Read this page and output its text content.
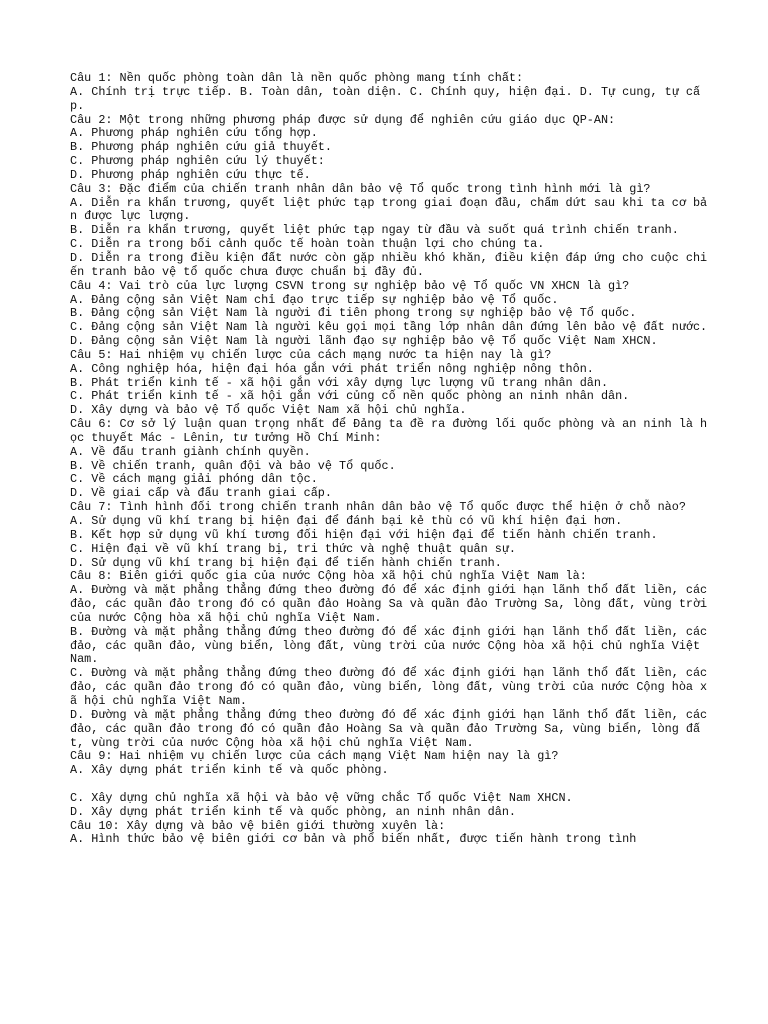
Câu 1: Nền quốc phòng toàn dân là nền quốc phòng mang tính chất:
A. Chính trị trực tiếp. B. Toàn dân, toàn diện. C. Chính quy, hiện đại. D. Tự cung, tự cấp.
Câu 2: Một trong những phương pháp được sử dụng để nghiên cứu giáo dục QP-AN:
A. Phương pháp nghiên cứu tổng hợp.
B. Phương pháp nghiên cứu giả thuyết.
C. Phương pháp nghiên cứu lý thuyết:
D. Phương pháp nghiên cứu thực tế.
Câu 3: Đặc điểm của chiến tranh nhân dân bảo vệ Tổ quốc trong tình hình mới là gì?
A. Diễn ra khẩn trương, quyết liệt phức tạp trong giai đoạn đầu, chấm dứt sau khi ta cơ bản được lực lượng.
B. Diễn ra khẩn trương, quyết liệt phức tạp ngay từ đầu và suốt quá trình chiến tranh.
C. Diễn ra trong bối cảnh quốc tế hoàn toàn thuận lợi cho chúng ta.
D. Diễn ra trong điều kiện đất nước còn gặp nhiều khó khăn, điều kiện đáp ứng cho cuộc chiến tranh bảo vệ tổ quốc chưa được chuẩn bị đầy đủ.
Câu 4: Vai trò của lực lượng CSVN trong sự nghiệp bảo vệ Tổ quốc VN XHCN là gì?
A. Đảng cộng sản Việt Nam chỉ đạo trực tiếp sự nghiệp bảo vệ Tổ quốc.
B. Đảng cộng sản Việt Nam là người đi tiên phong trong sự nghiệp bảo vệ Tổ quốc.
C. Đảng cộng sản Việt Nam là người kêu gọi mọi tầng lớp nhân dân đứng lên bảo vệ đất nước.
D. Đảng cộng sản Việt Nam là người lãnh đạo sự nghiệp bảo vệ Tổ quốc Việt Nam XHCN.
Câu 5: Hai nhiệm vụ chiến lược của cách mạng nước ta hiện nay là gì?
A. Công nghiệp hóa, hiện đại hóa gắn với phát triển nông nghiệp nông thôn.
B. Phát triển kinh tế - xã hội gắn với xây dựng lực lượng vũ trang nhân dân.
C. Phát triển kinh tế - xã hội gắn với củng cố nền quốc phòng an ninh nhân dân.
D. Xây dựng và bảo vệ Tổ quốc Việt Nam xã hội chủ nghĩa.
Câu 6: Cơ sở lý luận quan trọng nhất để Đảng ta đề ra đường lối quốc phòng và an ninh là học thuyết Mác - Lênin, tư tưởng Hồ Chí Minh:
A. Về đấu tranh giành chính quyền.
B. Về chiến tranh, quân đội và bảo vệ Tổ quốc.
C. Về cách mạng giải phóng dân tộc.
D. Về giai cấp và đấu tranh giai cấp.
Câu 7: Tình hình đối trong chiến tranh nhân dân bảo vệ Tổ quốc được thể hiện ở chỗ nào?
A. Sử dụng vũ khí trang bị hiện đại để đánh bại kẻ thù có vũ khí hiện đại hơn.
B. Kết hợp sử dụng vũ khí tương đối hiện đại với hiện đại để tiến hành chiến tranh.
C. Hiện đại về vũ khí trang bị, tri thức và nghệ thuật quân sự.
D. Sử dụng vũ khí trang bị hiện đại để tiến hành chiến tranh.
Câu 8: Biên giới quốc gia của nước Cộng hòa xã hội chủ nghĩa Việt Nam là:
A. Đường và mặt phẳng thẳng đứng theo đường đó để xác định giới hạn lãnh thổ đất liền, các đảo, các quần đảo trong đó có quần đảo Hoàng Sa và quần đảo Trường Sa, lòng đất, vùng trời của nước Cộng hòa xã hội chủ nghĩa Việt Nam.
B. Đường và mặt phẳng thẳng đứng theo đường đó để xác định giới hạn lãnh thổ đất liền, các đảo, các quần đảo, vùng biển, lòng đất, vùng trời của nước Cộng hòa xã hội chủ nghĩa Việt Nam.
C. Đường và mặt phẳng thẳng đứng theo đường đó để xác định giới hạn lãnh thổ đất liền, các đảo, các quần đảo trong đó có quần đảo, vùng biển, lòng đất, vùng trời của nước Cộng hòa xã hội chủ nghĩa Việt Nam.
D. Đường và mặt phẳng thẳng đứng theo đường đó để xác định giới hạn lãnh thổ đất liền, các đảo, các quần đảo trong đó có quần đảo Hoàng Sa và quần đảo Trường Sa, vùng biển, lòng đất, vùng trời của nước Cộng hòa xã hội chủ nghĩa Việt Nam.
Câu 9: Hai nhiệm vụ chiến lược của cách mạng Việt Nam hiện nay là gì?
A. Xây dựng phát triển kinh tế và quốc phòng.
C. Xây dựng chủ nghĩa xã hội và bảo vệ vững chắc Tổ quốc Việt Nam XHCN.
D. Xây dựng phát triển kinh tế và quốc phòng, an ninh nhân dân.
Câu 10: Xây dựng và bảo vệ biên giới thường xuyên là:
A. Hình thức bảo vệ biên giới cơ bản và phổ biến nhất, được tiến hành trong tình
